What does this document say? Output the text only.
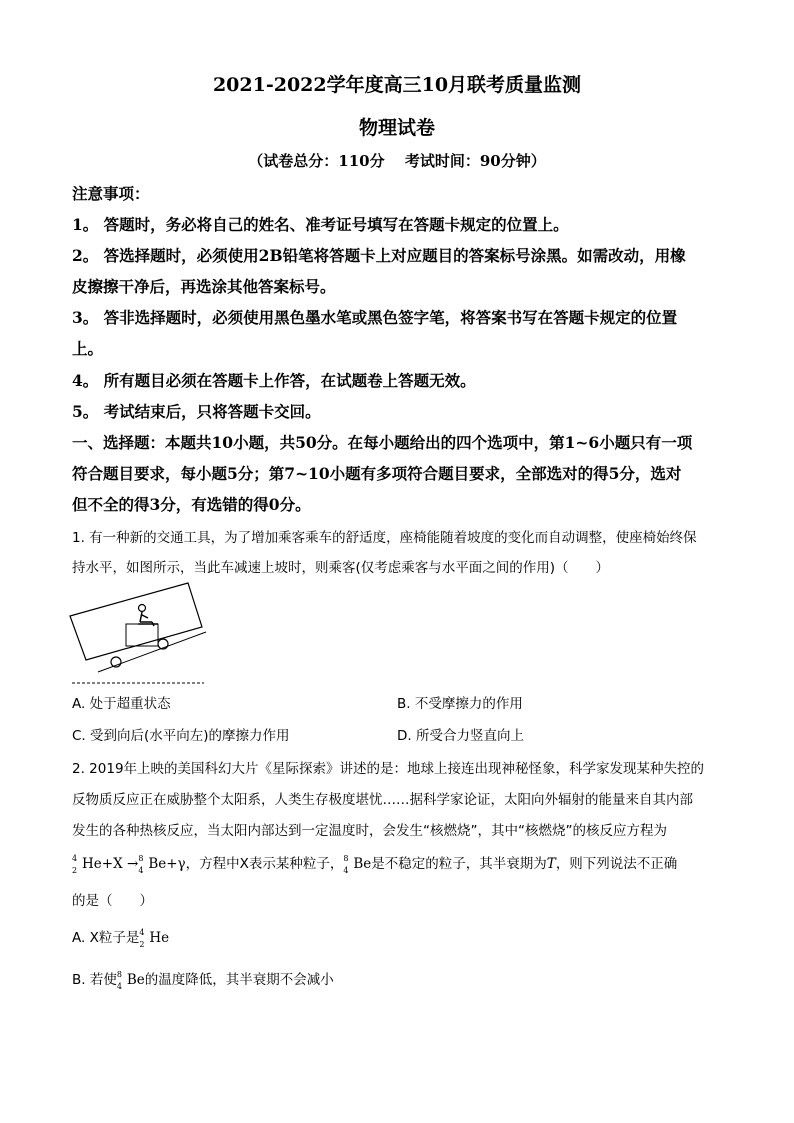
2021-2022学年度高三10月联考质量监测
物理试卷
（试卷总分：110分　 考试时间：90分钟）
注意事项：
1。 答题时，务必将自己的姓名、准考证号填写在答题卡规定的位置上。
2。 答选择题时，必须使用2B铅笔将答题卡上对应题目的答案标号涂黑。如需改动，用橡
皮擦擦干净后，再选涂其他答案标号。
3。 答非选择题时，必须使用黑色墨水笔或黑色签字笔，将答案书写在答题卡规定的位置
上。
4。 所有题目必须在答题卡上作答，在试题卷上答题无效。
5。 考试结束后，只将答题卡交回。
一、选择题：本题共10小题，共50分。在每小题给出的四个选项中，第1~6小题只有一项
符合题目要求，每小题5分；第7~10小题有多项符合题目要求，全部选对的得5分，选对
但不全的得3分，有选错的得0分。
1. 有一种新的交通工具，为了增加乘客乘车的舒适度，座椅能随着坡度的变化而自动调整，使座椅始终保
持水平，如图所示，当此车减速上坡时，则乘客(仅考虑乘客与水平面之间的作用)（　　）
A. 处于超重状态	B. 不受摩擦力的作用
C. 受到向后(水平向左)的摩擦力作用	D. 所受合力竖直向上
2. 2019年上映的美国科幻大片《星际探索》讲述的是：地球上接连出现神秘怪象，科学家发现某种失控的
反物质反应正在威胁整个太阳系，人类生存极度堪忧……据科学家论证，太阳向外辐射的能量来自其内部
发生的各种热核反应，当太阳内部达到一定温度时，会发生“核燃烧”，其中“核燃烧”的核反应方程为
4
2 He+X → 8
4 Be+γ，方程中X表示某种粒子， 8
4 Be是不稳定的粒子，其半衰期为T，则下列说法不正确
的是（　　）
A. X粒子是 4
2 He
B. 若使 8
4 Be的温度降低，其半衰期不会减小
